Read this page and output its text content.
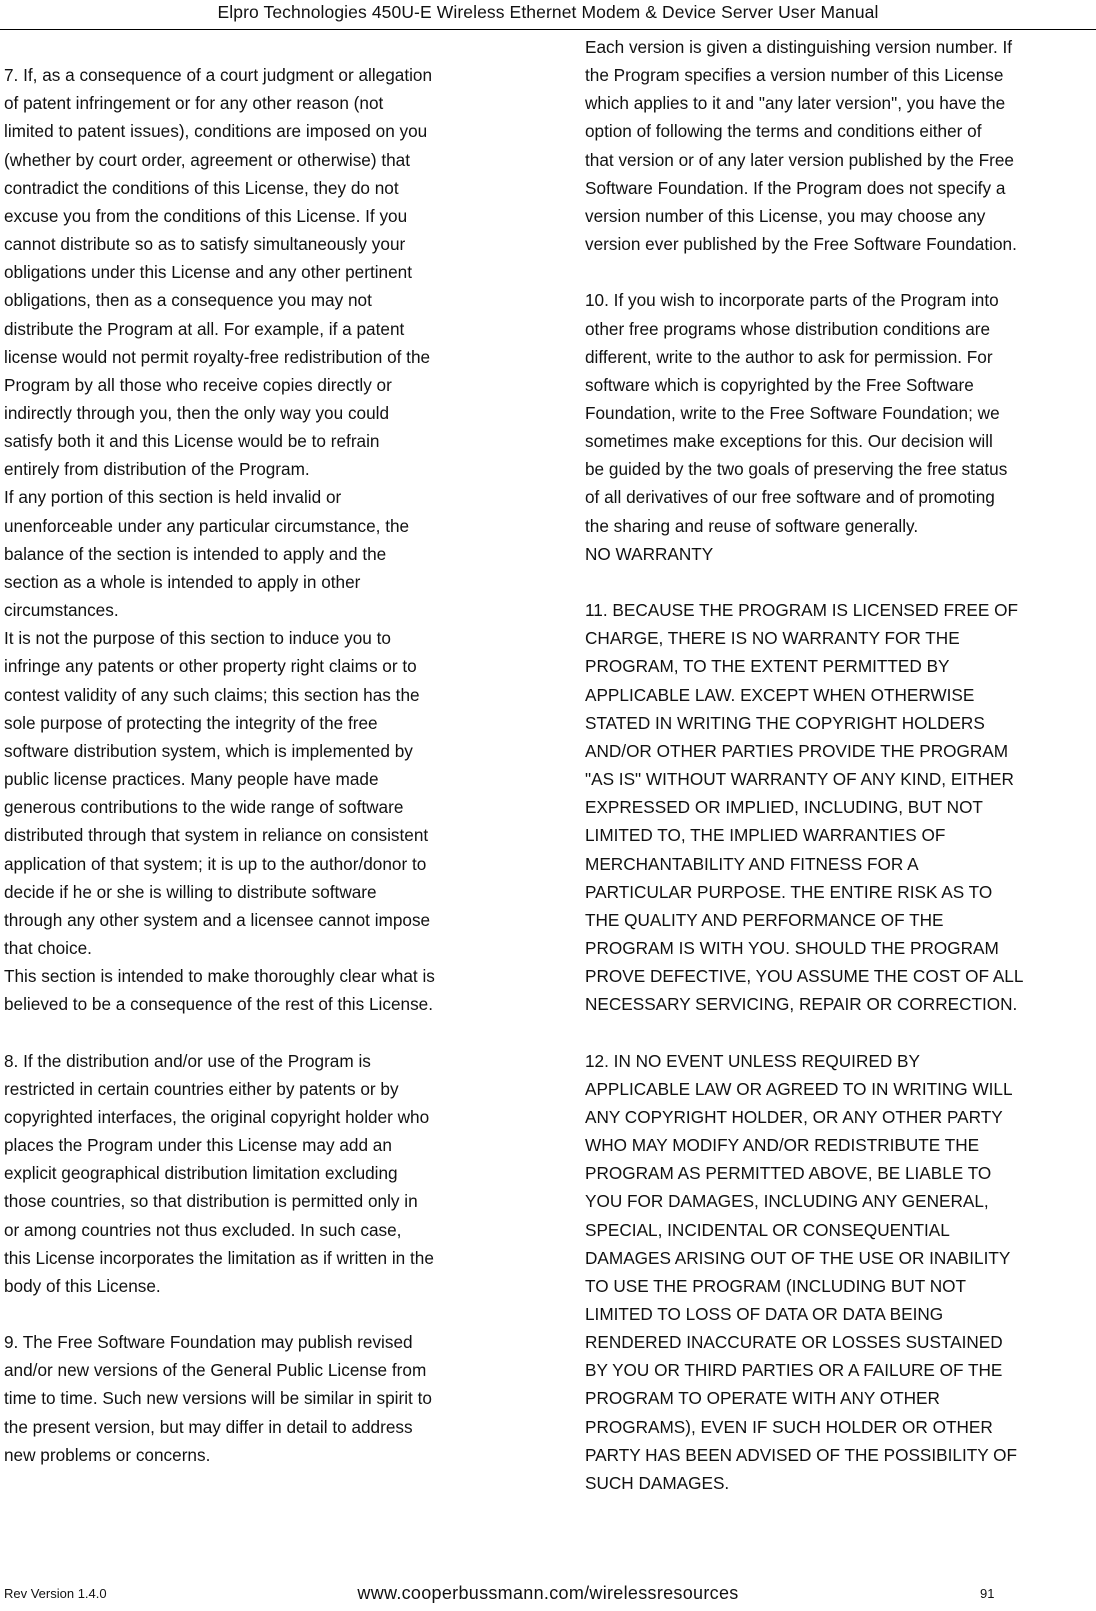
Elpro Technologies 450U-E Wireless Ethernet Modem & Device Server User Manual
7. If, as a consequence of a court judgment or allegation
of patent infringement or for any other reason (not
limited to patent issues), conditions are imposed on you
(whether by court order, agreement or otherwise) that
contradict the conditions of this License, they do not
excuse you from the conditions of this License. If you
cannot distribute so as to satisfy simultaneously your
obligations under this License and any other pertinent
obligations, then as a consequence you may not
distribute the Program at all. For example, if a patent
license would not permit royalty-free redistribution of the
Program by all those who receive copies directly or
indirectly through you, then the only way you could
satisfy both it and this License would be to refrain
entirely from distribution of the Program.
If any portion of this section is held invalid or
unenforceable under any particular circumstance, the
balance of the section is intended to apply and the
section as a whole is intended to apply in other
circumstances.
It is not the purpose of this section to induce you to
infringe any patents or other property right claims or to
contest validity of any such claims; this section has the
sole purpose of protecting the integrity of the free
software distribution system, which is implemented by
public license practices. Many people have made
generous contributions to the wide range of software
distributed through that system in reliance on consistent
application of that system; it is up to the author/donor to
decide if he or she is willing to distribute software
through any other system and a licensee cannot impose
that choice.
This section is intended to make thoroughly clear what is
believed to be a consequence of the rest of this License.
8. If the distribution and/or use of the Program is
restricted in certain countries either by patents or by
copyrighted interfaces, the original copyright holder who
places the Program under this License may add an
explicit geographical distribution limitation excluding
those countries, so that distribution is permitted only in
or among countries not thus excluded. In such case,
this License incorporates the limitation as if written in the
body of this License.
9. The Free Software Foundation may publish revised
and/or new versions of the General Public License from
time to time. Such new versions will be similar in spirit to
the present version, but may differ in detail to address
new problems or concerns.
Each version is given a distinguishing version number. If
the Program specifies a version number of this License
which applies to it and "any later version", you have the
option of following the terms and conditions either of
that version or of any later version published by the Free
Software Foundation. If the Program does not specify a
version number of this License, you may choose any
version ever published by the Free Software Foundation.
10. If you wish to incorporate parts of the Program into
other free programs whose distribution conditions are
different, write to the author to ask for permission. For
software which is copyrighted by the Free Software
Foundation, write to the Free Software Foundation; we
sometimes make exceptions for this. Our decision will
be guided by the two goals of preserving the free status
of all derivatives of our free software and of promoting
the sharing and reuse of software generally.
NO WARRANTY
11. BECAUSE THE PROGRAM IS LICENSED FREE OF
CHARGE, THERE IS NO WARRANTY FOR THE
PROGRAM, TO THE EXTENT PERMITTED BY
APPLICABLE LAW. EXCEPT WHEN OTHERWISE
STATED IN WRITING THE COPYRIGHT HOLDERS
AND/OR OTHER PARTIES PROVIDE THE PROGRAM
"AS IS" WITHOUT WARRANTY OF ANY KIND, EITHER
EXPRESSED OR IMPLIED, INCLUDING, BUT NOT
LIMITED TO, THE IMPLIED WARRANTIES OF
MERCHANTABILITY AND FITNESS FOR A
PARTICULAR PURPOSE. THE ENTIRE RISK AS TO
THE QUALITY AND PERFORMANCE OF THE
PROGRAM IS WITH YOU. SHOULD THE PROGRAM
PROVE DEFECTIVE, YOU ASSUME THE COST OF ALL
NECESSARY SERVICING, REPAIR OR CORRECTION.
12. IN NO EVENT UNLESS REQUIRED BY
APPLICABLE LAW OR AGREED TO IN WRITING WILL
ANY COPYRIGHT HOLDER, OR ANY OTHER PARTY
WHO MAY MODIFY AND/OR REDISTRIBUTE THE
PROGRAM AS PERMITTED ABOVE, BE LIABLE TO
YOU FOR DAMAGES, INCLUDING ANY GENERAL,
SPECIAL, INCIDENTAL OR CONSEQUENTIAL
DAMAGES ARISING OUT OF THE USE OR INABILITY
TO USE THE PROGRAM (INCLUDING BUT NOT
LIMITED TO LOSS OF DATA OR DATA BEING
RENDERED INACCURATE OR LOSSES SUSTAINED
BY YOU OR THIRD PARTIES OR A FAILURE OF THE
PROGRAM TO OPERATE WITH ANY OTHER
PROGRAMS), EVEN IF SUCH HOLDER OR OTHER
PARTY HAS BEEN ADVISED OF THE POSSIBILITY OF
SUCH DAMAGES.
Rev Version 1.4.0	www.cooperbussmann.com/wirelessresources	91
